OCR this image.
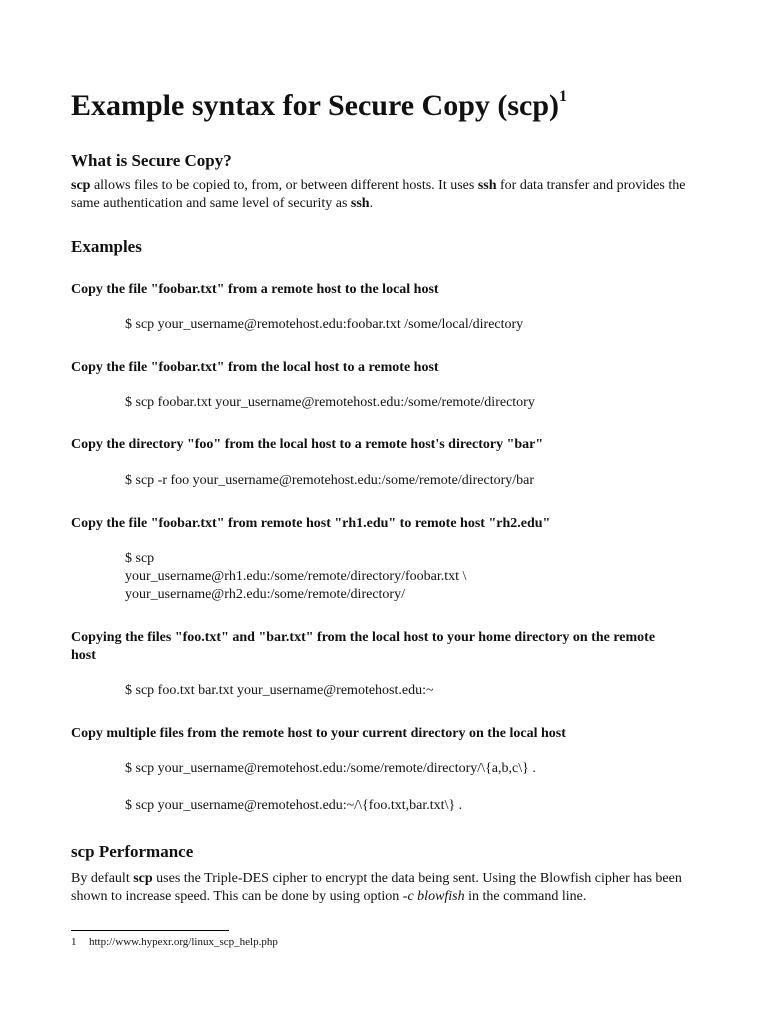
Example syntax for Secure Copy (scp)$^1$
What is Secure Copy?

scp allows files to be copied to, from, or between different hosts. It uses ssh for data transfer and provides the same authentication and same level of security as ssh.

Examples

Copy the file "foobar.txt" from a remote host to the local host

$ scp your_username@remotehost.edu:foobar.txt /some/local/directory

Copy the file "foobar.txt" from the local host to a remote host

$ scp foobar.txt your_username@remotehost.edu:/some/remote/directory

Copy the directory "foo" from the local host to a remote host's directory "bar"

$ scp -r foo your_username@remotehost.edu:/some/remote/directory/bar

Copy the file "foobar.txt" from remote host "rh1.edu" to remote host "rh2.edu"

$ scp

your_username@rh1.edu:/some/remote/directory/foobar.txt \

your_username@rh2.edu:/some/remote/directory/

Copying the files "foo.txt" and "bar.txt" from the local host to your home directory on the remote host

$ scp foo.txt bar.txt your_username@remotehost.edu:~

Copy multiple files from the remote host to your current directory on the local host

$ scp your_username@remotehost.edu:/some/remote/directory/\{a,b,c\} .

$ scp your_username@remotehost.edu:~/\{foo.txt,bar.txt\} .

scp Performance

By default scp uses the Triple-DES cipher to encrypt the data being sent. Using the Blowfish cipher has been shown to increase speed. This can be done by using option -c blowfish in the command line.

1 http://www.hypexr.org/linux_scp_help.php
